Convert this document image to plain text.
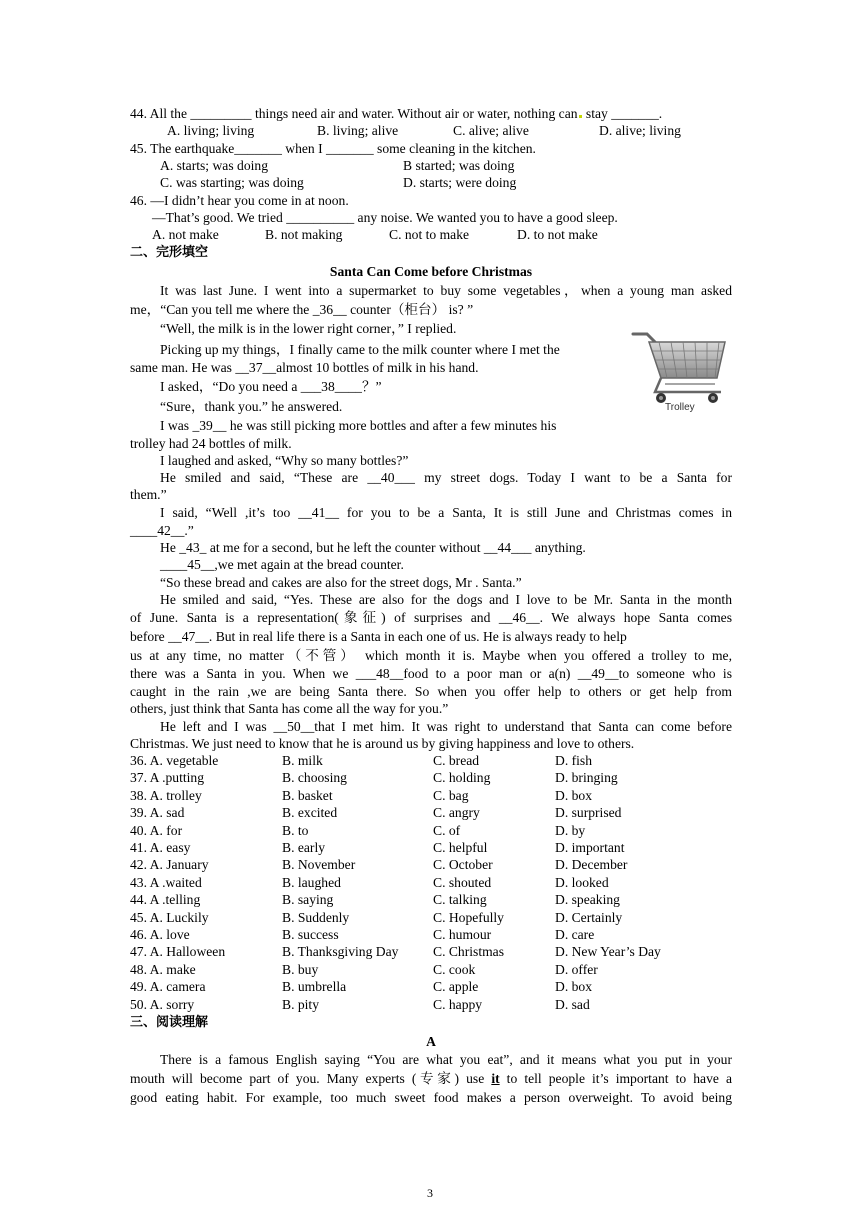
44. All the _________ things need air and water. Without air or water, nothing can stay _______.
A. living; living	B. living; alive	C. alive; alive	D. alive; living
45. The earthquake_______ when I _______ some cleaning in the kitchen.
A. starts; was doing	B started; was doing
C. was starting; was doing	D. starts; were doing
46. —I didn’t hear you come in at noon.
—That’s good. We tried __________ any noise. We wanted you to have a good sleep.
A. not make	B. not making	C. not to make	D. to not make
二、完形填空
Santa Can Come before Christmas
It was last June. I went into a supermarket to buy some vegetables，when a young man asked
me，“Can you tell me where the _36__ counter（柜台） is? ”
“Well, the milk is in the lower right corner，” I replied.
Picking up my things，I finally came to the milk counter where I met the
same man. He was __37__almost 10 bottles of milk in his hand.
I asked，“Do you need a ___38____？”
“Sure，thank you.” he answered.
I was _39__ he was still picking more bottles and after a few minutes his
trolley had 24 bottles of milk.
I laughed and asked, “Why so many bottles?”
He smiled and said, “These are __40___ my street dogs. Today I want to be a Santa for
them.”
I said, “Well ,it’s too __41__ for you to be a Santa, It is still June and Christmas comes in
____42__.”
He _43_ at me for a second, but he left the counter without __44___ anything.
____45__,we met again at the bread counter.
“So these bread and cakes are also for the street dogs, Mr . Santa.”
He smiled and said, “Yes. These are also for the dogs and I love to be Mr. Santa in the month
of June. Santa is a representation(象征) of surprises and __46__. We always hope Santa comes
before __47__. But in real life there is a Santa in each one of us. He is always ready to help
us at any time, no matter（不管） which month it is. Maybe when you offered a trolley to me,
there was a Santa in you. When we ___48__food to a poor man or a(n) __49__to someone who is
caught in the rain ,we are being Santa there. So when you offer help to others or get help from
others, just think that Santa has come all the way for you.”
He left and I was __50__that I met him. It was right to understand that Santa can come before
Christmas. We just need to know that he is around us by giving happiness and love to others.
Trolley
36. A. vegetable	B. milk	C. bread	D. fish
37. A .putting	B. choosing	C. holding	D. bringing
38. A. trolley	B. basket	C. bag	D. box
39. A. sad	B. excited	C. angry	D. surprised
40. A. for	B. to	C. of	D. by
41. A. easy	B. early	C. helpful	D. important
42. A. January	B. November	C. October	D. December
43. A .waited	B. laughed	C. shouted	D. looked
44. A .telling	B. saying	C. talking	D. speaking
45. A. Luckily	B. Suddenly	C. Hopefully	D. Certainly
46. A. love	B. success	C. humour	D. care
47. A. Halloween	B. Thanksgiving Day	C. Christmas	D. New Year’s Day
48. A. make	B. buy	C. cook	D. offer
49. A. camera	B. umbrella	C. apple	D. box
50. A. sorry	B. pity	C. happy	D. sad
三、阅读理解
A
There is a famous English saying “You are what you eat”, and it means what you put in your
mouth will become part of you. Many experts (专家) use it to tell people it’s important to have a
good eating habit. For example, too much sweet food makes a person overweight. To avoid being
3
